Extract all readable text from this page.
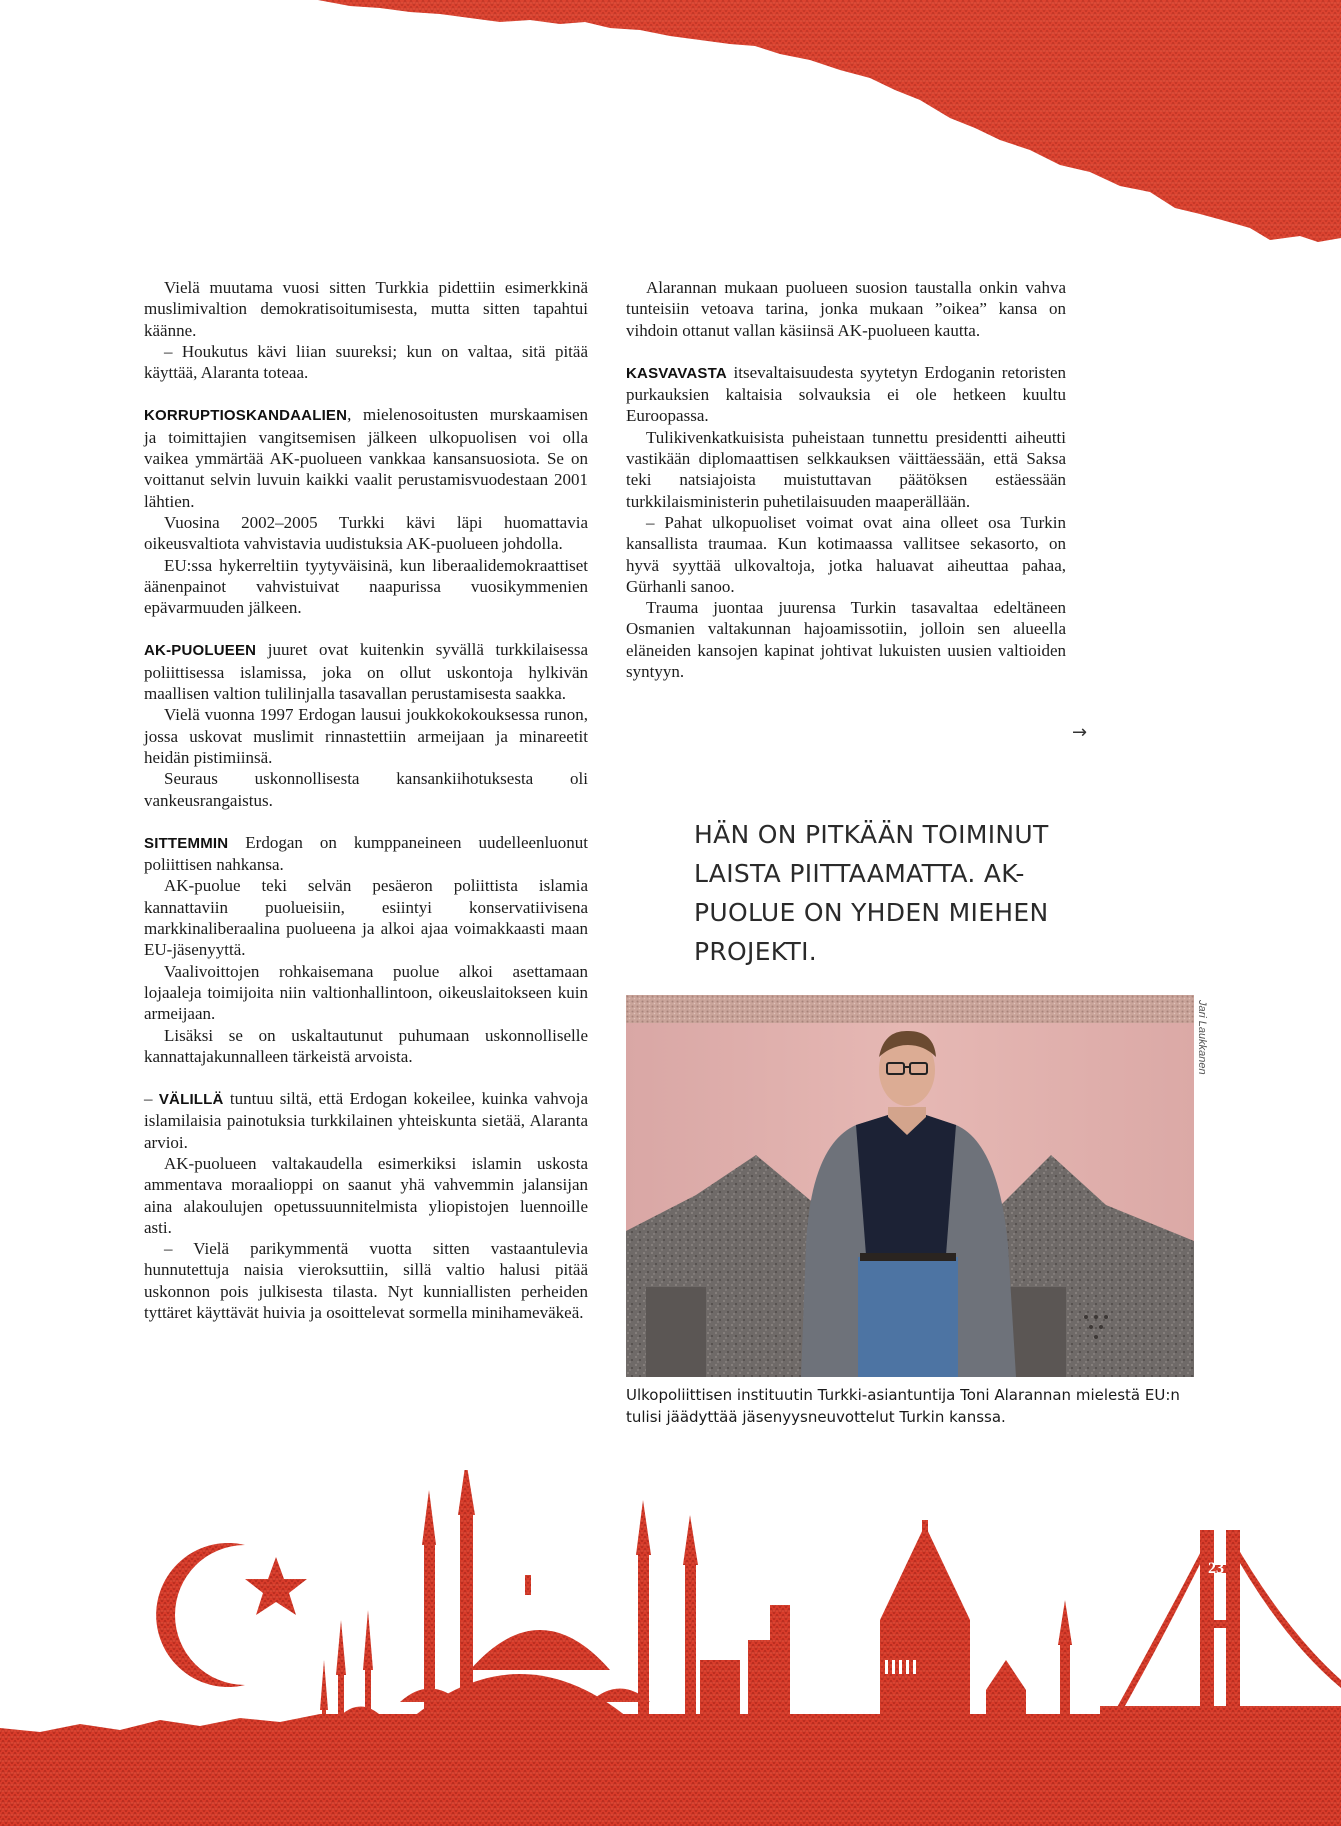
Vielä muutama vuosi sitten Turkkia pidettiin esimerkkinä muslimivaltion demokratisoitumisesta, mutta sitten tapahtui käänne.

– Houkutus kävi liian suureksi; kun on valtaa, sitä pitää käyttää, Alaranta toteaa.

KORRUPTIOSKANDAALIEN, mielenosoitusten murskaamisen ja toimittajien vangitsemisen jälkeen ulkopuolisen voi olla vaikea ymmärtää AK-puolueen vankkaa kansansuosiota. Se on voittanut selvin luvuin kaikki vaalit perustamisvuodestaan 2001 lähtien.

Vuosina 2002–2005 Turkki kävi läpi huomattavia oikeusvaltiota vahvistavia uudistuksia AK-puolueen johdolla.

EU:ssa hykerreltiin tyytyväisinä, kun liberaalidemokraattiset äänenpainot vahvistuivat naapurissa vuosikymmenien epävarmuuden jälkeen.

AK-PUOLUEEN juuret ovat kuitenkin syvällä turkkilaisessa poliittisessa islamissa, joka on ollut uskontoja hylkivän maallisen valtion tulilinjalla tasavallan perustamisesta saakka.

Vielä vuonna 1997 Erdogan lausui joukkokokouksessa runon, jossa uskovat muslimit rinnastettiin armeijaan ja minareetit heidän pistimiinsä.

Seuraus uskonnollisesta kansankiihotuksesta oli vankeusrangaistus.

SITTEMMIN Erdogan on kumppaneineen uudelleenluonut poliittisen nahkansa.

AK-puolue teki selvän pesäeron poliittista islamia kannattaviin puolueisiin, esiintyi konservatiivisena markkinaliberaalina puolueena ja alkoi ajaa voimakkaasti maan EU-jäsenyyttä.

Vaalivoittojen rohkaisemana puolue alkoi asettamaan lojaaleja toimijoita niin valtionhallintoon, oikeuslaitokseen kuin armeijaan.

Lisäksi se on uskaltautunut puhumaan uskonnolliselle kannattajakunnalleen tärkeistä arvoista.

– VÄLILLÄ tuntuu siltä, että Erdogan kokeilee, kuinka vahvoja islamilaisia painotuksia turkkilainen yhteiskunta sietää, Alaranta arvioi.

AK-puolueen valtakaudella esimerkiksi islamin uskosta ammentava moraalioppi on saanut yhä vahvemmin jalansijan aina alakoulujen opetussuunnitelmista yliopistojen luennoille asti.

– Vielä parikymmentä vuotta sitten vastaantulevia hunnutettuja naisia vieroksuttiin, sillä valtio halusi pitää uskonnon pois julkisesta tilasta. Nyt kunniallisten perheiden tyttäret käyttävät huivia ja osoittelevat sormella minihameväkeä.

Alarannan mukaan puolueen suosion taustalla onkin vahva tunteisiin vetoava tarina, jonka mukaan ”oikea” kansa on vihdoin ottanut vallan käsiinsä AK-puolueen kautta.

KASVAVASTA itsevaltaisuudesta syytetyn Erdoganin retoristen purkauksien kaltaisia solvauksia ei ole hetkeen kuultu Euroopassa.

Tulikivenkatkuisista puheistaan tunnettu presidentti aiheutti vastikään diplomaattisen selkkauksen väittäessään, että Saksa teki natsiajoista muistuttavan päätöksen estäessään turkkilaisministerin puhetilaisuuden maaperällään.

– Pahat ulkopuoliset voimat ovat aina olleet osa Turkin kansallista traumaa. Kun kotimaassa vallitsee sekasorto, on hyvä syyttää ulkovaltoja, jotka haluavat aiheuttaa pahaa, Gürhanli sanoo.

Trauma juontaa juurensa Turkin tasavaltaa edeltäneen Osmanien valtakunnan hajoamissotiin, jolloin sen alueella eläneiden kansojen kapinat johtivat lukuisten uusien valtioiden syntyyn.

→
HÄN ON PITKÄÄN TOIMINUT LAISTA PIITTAAMATTA. AK-PUOLUE ON YHDEN MIEHEN PROJEKTI.
Jari Laukkanen
Ulkopoliittisen instituutin Turkki-asiantuntija Toni Alarannan mielestä EU:n tulisi jäädyttää jäsenyysneuvottelut Turkin kanssa.
13.4.2017 SUOMENMAA 23
